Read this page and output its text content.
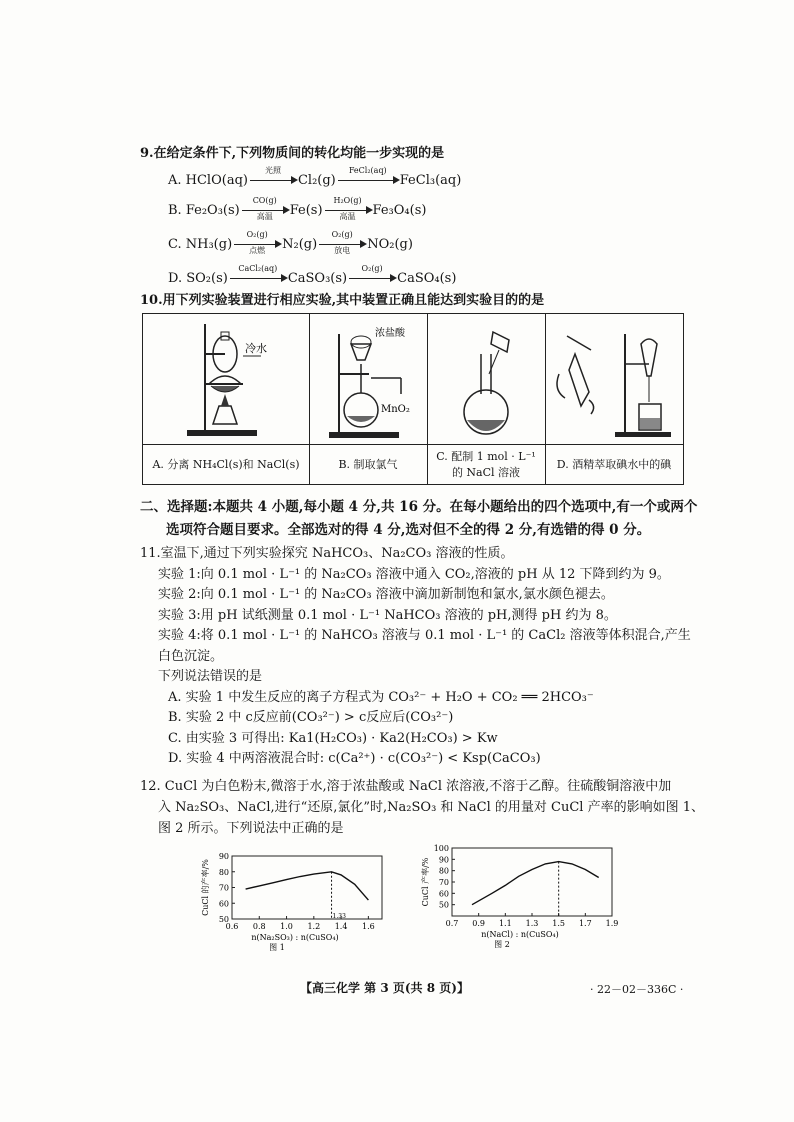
9.在给定条件下,下列物质间的转化均能一步实现的是
A. HClO(aq)
光照
Cl₂(g)
FeCl₂(aq)
FeCl₃(aq)
B. Fe₂O₃(s)
CO(g)
高温	Fe(s)
H₂O(g)
高温	Fe₃O₄(s)
C. NH₃(g)
O₂(g)
点燃	N₂(g)
O₂(g)
放电	NO₂(g)
D. SO₂(s)
CaCl₂(aq)
CaSO₃(s)
O₂(g)
CaSO₄(s)
10.用下列实验装置进行相应实验,其中装置正确且能达到实验目的的是
冷水
A. 分离 NH₄Cl(s)和 NaCl(s)
浓盐酸
MnO₂
B. 制取氯气
C. 配制 1 mol · L⁻¹
的 NaCl 溶液
D. 酒精萃取碘水中的碘
二、选择题:本题共 4 小题,每小题 4 分,共 16 分。在每小题给出的四个选项中,有一个或两个
选项符合题目要求。全部选对的得 4 分,选对但不全的得 2 分,有选错的得 0 分。
11.室温下,通过下列实验探究 NaHCO₃、Na₂CO₃ 溶液的性质。
实验 1:向 0.1 mol · L⁻¹ 的 Na₂CO₃ 溶液中通入 CO₂,溶液的 pH 从 12 下降到约为 9。
实验 2:向 0.1 mol · L⁻¹ 的 Na₂CO₃ 溶液中滴加新制饱和氯水,氯水颜色褪去。
实验 3:用 pH 试纸测量 0.1 mol · L⁻¹ NaHCO₃ 溶液的 pH,测得 pH 约为 8。
实验 4:将 0.1 mol · L⁻¹ 的 NaHCO₃ 溶液与 0.1 mol · L⁻¹ 的 CaCl₂ 溶液等体积混合,产生
白色沉淀。
下列说法错误的是
A. 实验 1 中发生反应的离子方程式为 CO₃²⁻ + H₂O + CO₂ ══ 2HCO₃⁻
B. 实验 2 中 c反应前(CO₃²⁻) > c反应后(CO₃²⁻)
C. 由实验 3 可得出: Ka1(H₂CO₃) · Ka2(H₂CO₃) > Kw
D. 实验 4 中两溶液混合时: c(Ca²⁺) · c(CO₃²⁻) < Ksp(CaCO₃)
12. CuCl 为白色粉末,微溶于水,溶于浓盐酸或 NaCl 浓溶液,不溶于乙醇。往硫酸铜溶液中加
入 Na₂SO₃、NaCl,进行“还原,氯化”时,Na₂SO₃ 和 NaCl 的用量对 CuCl 产率的影响如图 1、
图 2 所示。下列说法中正确的是
50
60
70
80
90
0.6 0.8 1.0 1.2 1.4 1.6
1.33
CuCl 的产率/%
n(Na₂SO₃) : n(CuSO₄)
图 1
50
60
70
80
90
100
0.7 0.9 1.1 1.3 1.5 1.7 1.9
CuCl 产率/%
n(NaCl) : n(CuSO₄)
图 2
【高三化学 第 3 页(共 8 页)】	· 22－02－336C ·
